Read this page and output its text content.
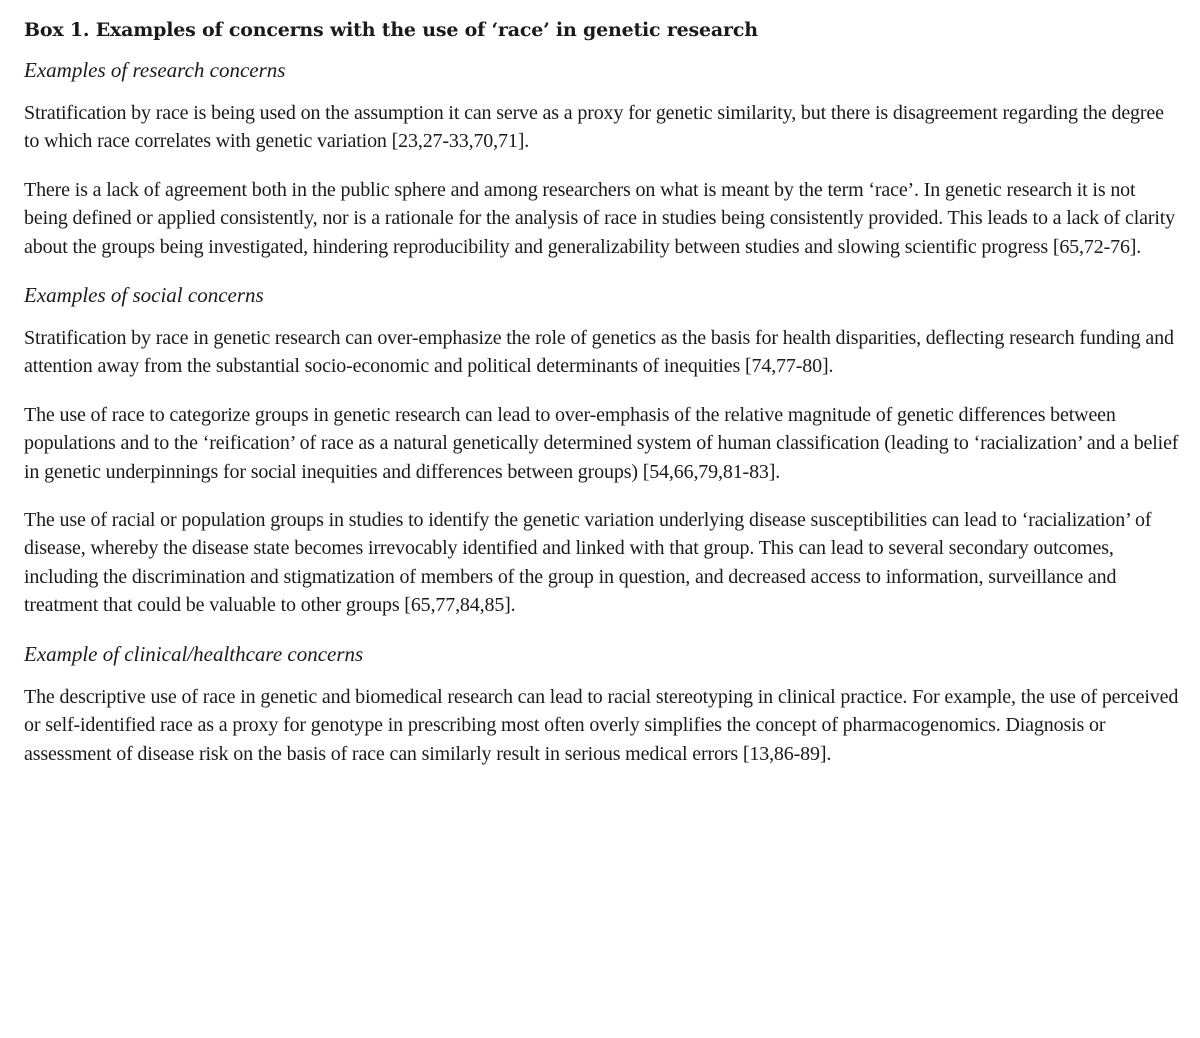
Box 1. Examples of concerns with the use of ‘race’ in genetic research
Examples of research concerns

Stratification by race is being used on the assumption it can serve as a proxy for genetic similarity, but there is disagreement regarding the degree to which race correlates with genetic variation [23,27-33,70,71].

There is a lack of agreement both in the public sphere and among researchers on what is meant by the term ‘race’. In genetic research it is not being defined or applied consistently, nor is a rationale for the analysis of race in studies being consistently provided. This leads to a lack of clarity about the groups being investigated, hindering reproducibility and generalizability between studies and slowing scientific progress [65,72-76].

Examples of social concerns

Stratification by race in genetic research can over-emphasize the role of genetics as the basis for health disparities, deflecting research funding and attention away from the substantial socio-economic and political determinants of inequities [74,77-80].

The use of race to categorize groups in genetic research can lead to over-emphasis of the relative magnitude of genetic differences between populations and to the ‘reification’ of race as a natural genetically determined system of human classification (leading to ‘racialization’ and a belief in genetic underpinnings for social inequities and differences between groups) [54,66,79,81-83].

The use of racial or population groups in studies to identify the genetic variation underlying disease susceptibilities can lead to ‘racialization’ of disease, whereby the disease state becomes irrevocably identified and linked with that group. This can lead to several secondary outcomes, including the discrimination and stigmatization of members of the group in question, and decreased access to information, surveillance and treatment that could be valuable to other groups [65,77,84,85].

Example of clinical/healthcare concerns

The descriptive use of race in genetic and biomedical research can lead to racial stereotyping in clinical practice. For example, the use of perceived or self-identified race as a proxy for genotype in prescribing most often overly simplifies the concept of pharmacogenomics. Diagnosis or assessment of disease risk on the basis of race can similarly result in serious medical errors [13,86-89].
